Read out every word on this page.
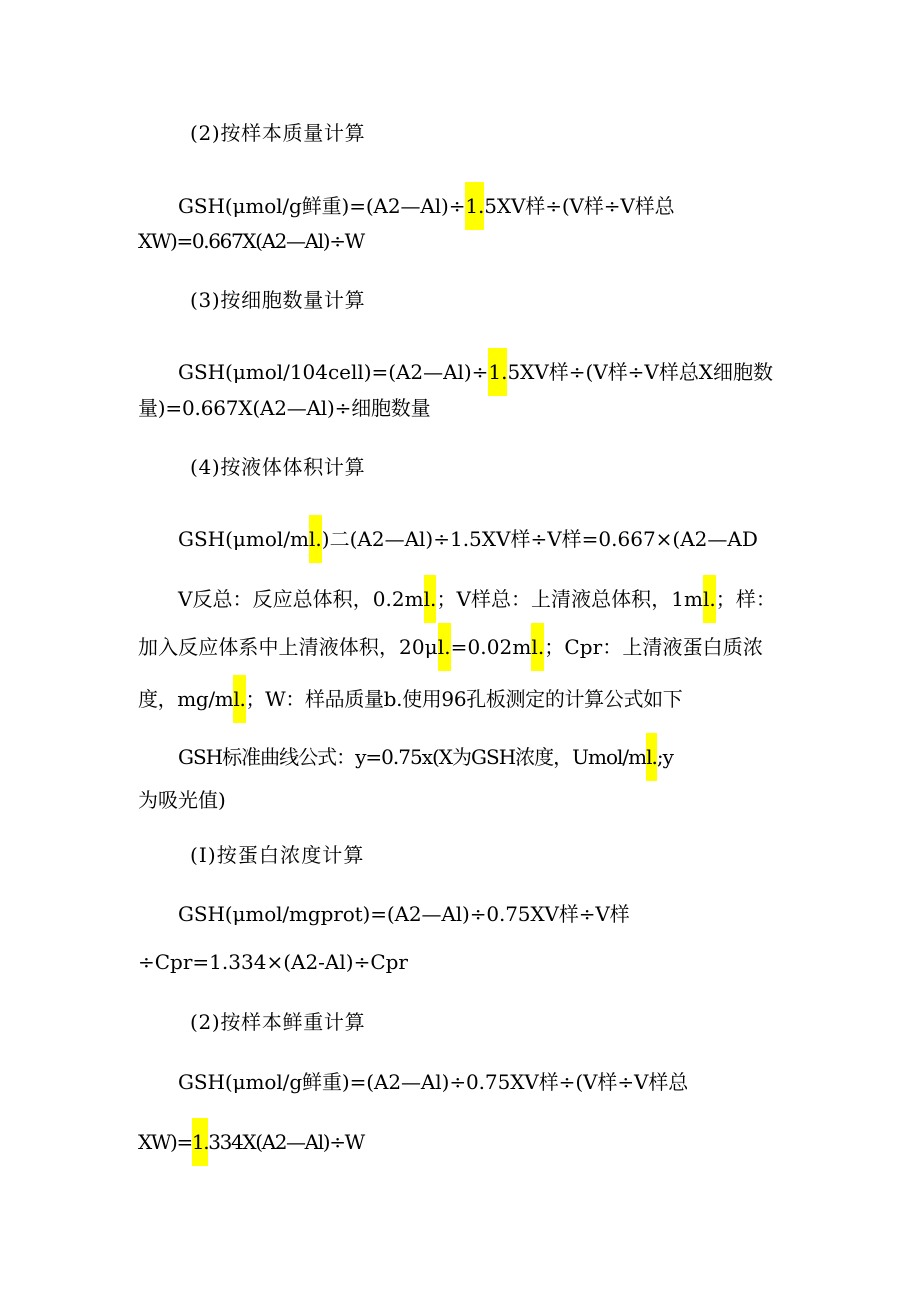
(2)按样本质量计算
GSH(μmol/g鲜重)=(A2—Al)÷1.5XV样÷(V样÷V样总
XW)=0.667X(A2—Al)÷W
(3)按细胞数量计算
GSH(μmol/104cell)=(A2—Al)÷1.5XV样÷(V样÷V样总X细胞数
量)=0.667X(A2—Al)÷细胞数量
(4)按液体体积计算
GSH(μmol/ml.)二(A2—Al)÷1.5XV样÷V样=0.667×(A2—AD
V反总：反应总体积，0.2ml.；V样总：上清液总体积，1ml.；样：
加入反应体系中上清液体积，20μl.=0.02ml.；Cpr：上清液蛋白质浓
度，mg/ml.；W：样品质量b.使用96孔板测定的计算公式如下
GSH标准曲线公式：y=0.75x(X为GSH浓度，Umol/ml.;y
为吸光值)
(I)按蛋白浓度计算
GSH(μmol/mgprot)=(A2—Al)÷0.75XV样÷V样
÷Cpr=1.334×(A2-Al)÷Cpr
(2)按样本鲜重计算
GSH(μmol/g鲜重)=(A2—Al)÷0.75XV样÷(V样÷V样总
XW)=1.334X(A2—Al)÷W
